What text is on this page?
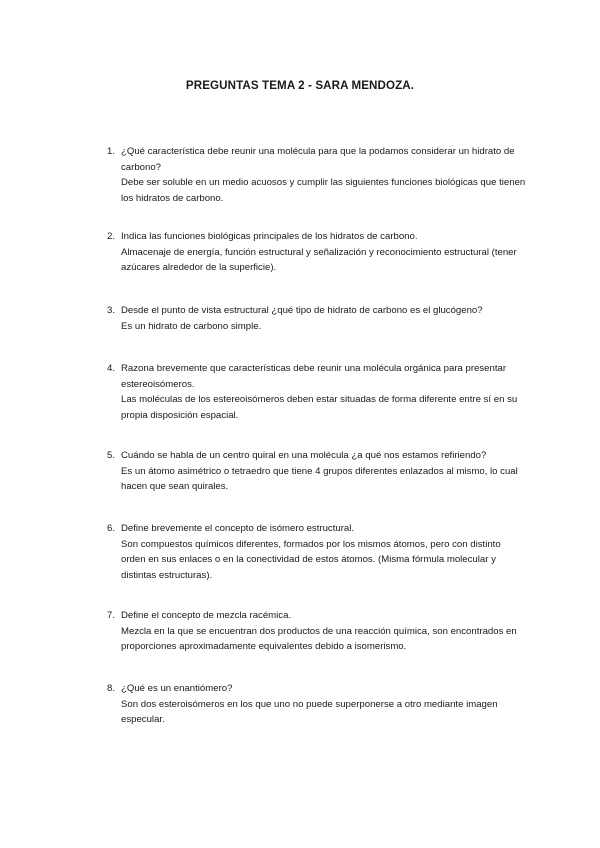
PREGUNTAS TEMA 2 - SARA MENDOZA.
1. ¿Qué característica debe reunir una molécula para que la podamos considerar un hidrato de carbono?
Debe ser soluble en un medio acuosos y cumplir las siguientes funciones biológicas que tienen los hidratos de carbono.
2. Indica las funciones biológicas principales de los hidratos de carbono.
Almacenaje de energía, función estructural y señalización y reconocimiento estructural (tener azúcares alrededor de la superficie).
3. Desde el punto de vista estructural ¿qué tipo de hidrato de carbono es el glucógeno?
Es un hidrato de carbono simple.
4. Razona brevemente que características debe reunir una molécula orgánica para presentar estereoisómeros.
Las moléculas de los estereoisómeros deben estar situadas de forma diferente entre sí en su propia disposición espacial.
5. Cuándo se habla de un centro quiral en una molécula ¿a qué nos estamos refiriendo?
Es un átomo asimétrico o tetraedro que tiene 4 grupos diferentes enlazados al mismo, lo cual hacen que sean quirales.
6. Define brevemente el concepto de isómero estructural.
Son compuestos químicos diferentes, formados por los mismos átomos, pero con distinto orden en sus enlaces o en la conectividad de estos átomos. (Misma fórmula molecular y distintas estructuras).
7. Define el concepto de mezcla racémica.
Mezcla en la que se encuentran dos productos de una reacción química, son encontrados en proporciones aproximadamente equivalentes debido a isomerismo.
8. ¿Qué es un enantiómero?
Son dos esteroisómeros en los que uno no puede superponerse a otro mediante imagen especular.
